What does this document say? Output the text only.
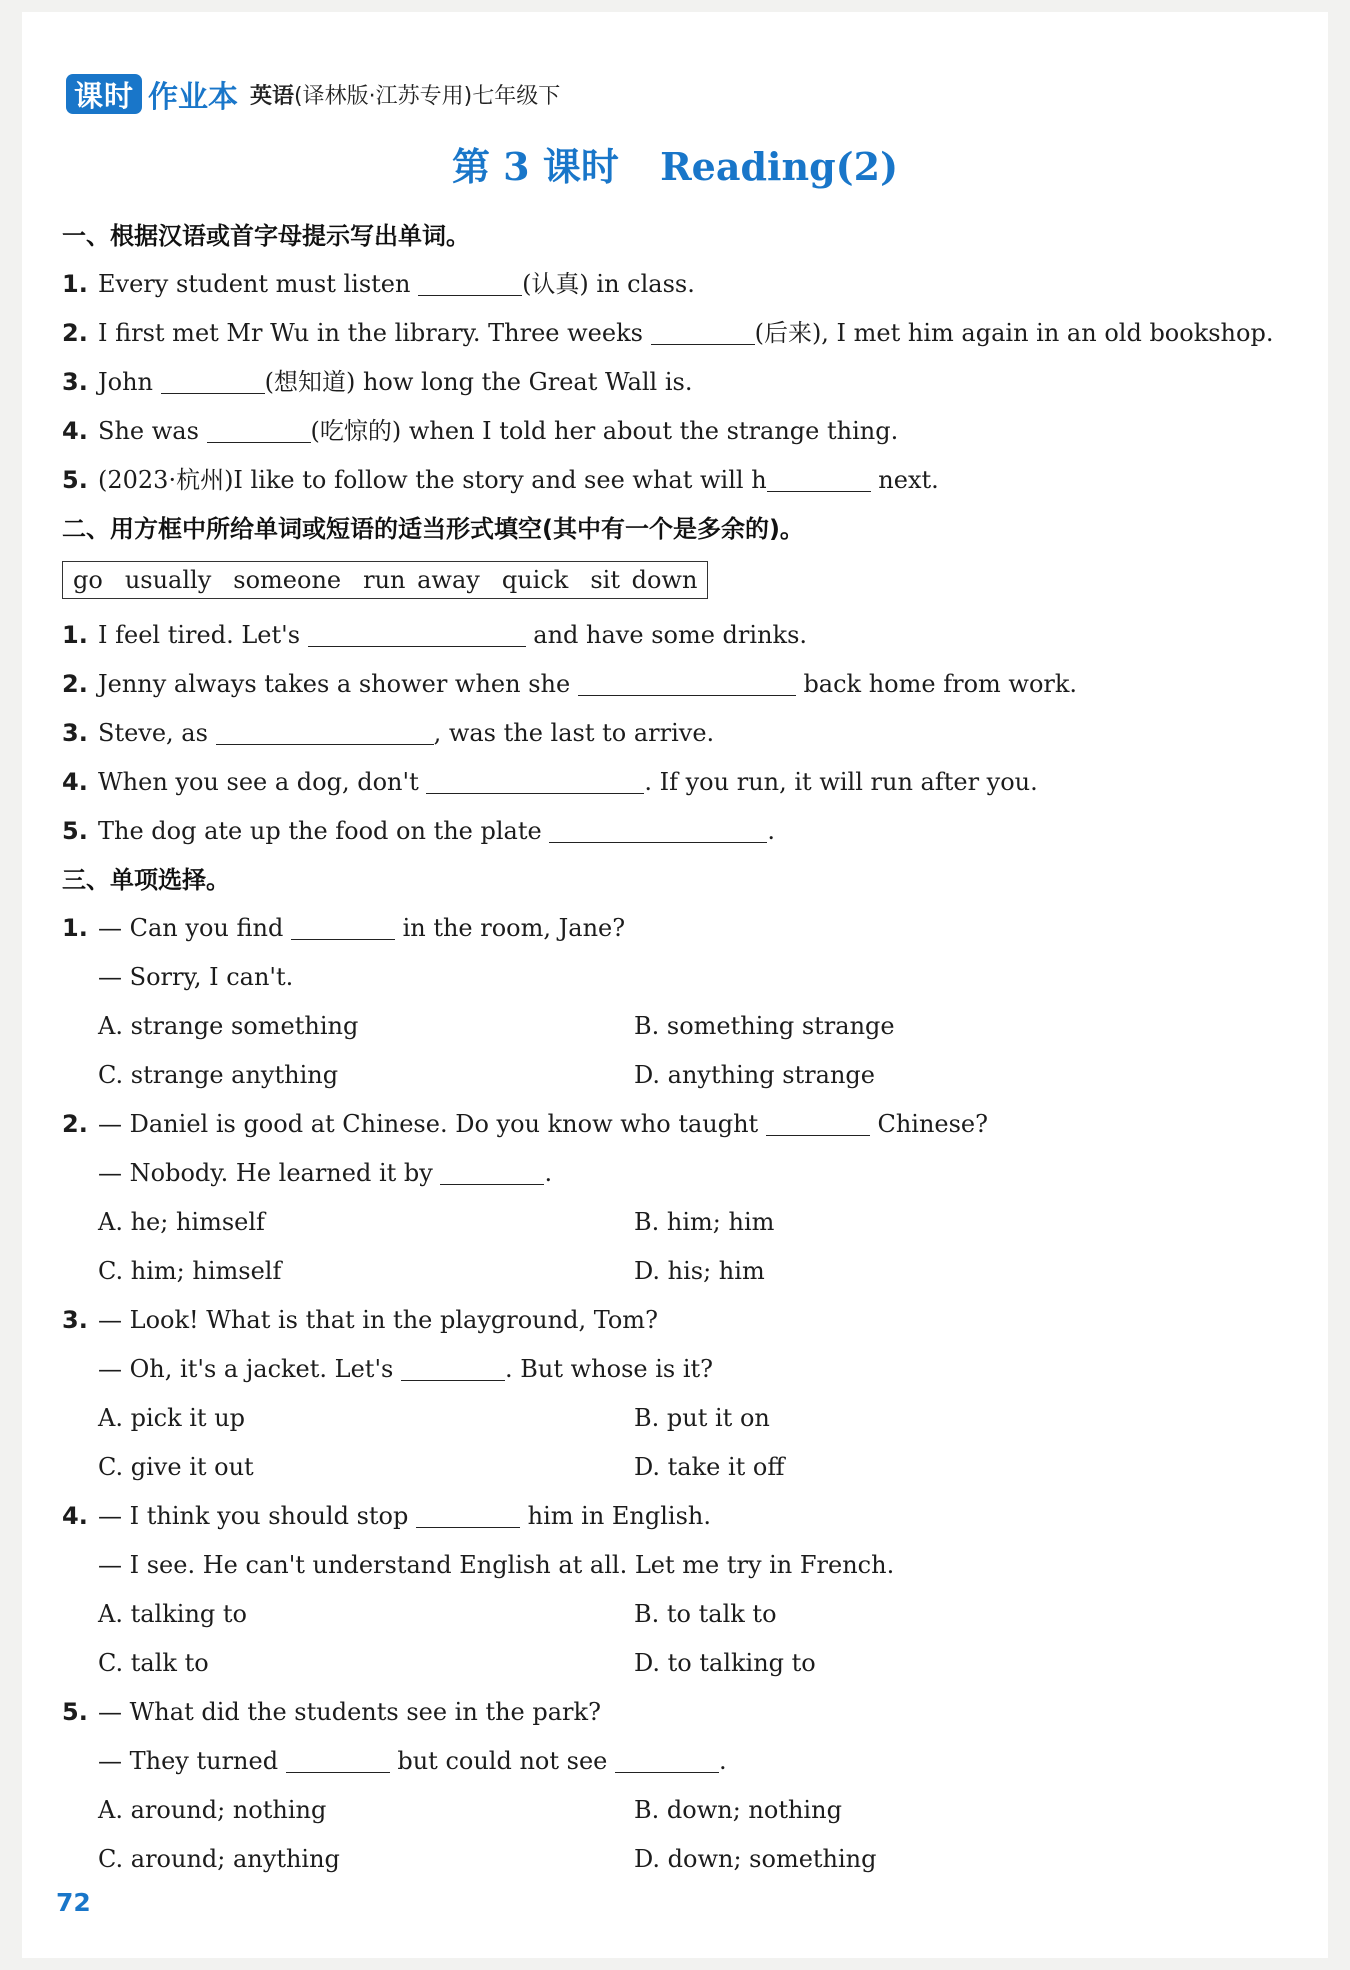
课时 作业本 英语(译林版·江苏专用)七年级下
第 3 课时 Reading(2)
一、根据汉语或首字母提示写出单词。
1. Every student must listen	(认真) in class.
2. I first met Mr Wu in the library. Three weeks	(后来), I met him again in an old bookshop.
3. John	(想知道) how long the Great Wall is.
4. She was	(吃惊的) when I told her about the strange thing.
5. (2023·杭州)I like to follow the story and see what will h	next.
二、用方框中所给单词或短语的适当形式填空(其中有一个是多余的)。
go usually someone run away quick sit down
1. I feel tired. Let's	and have some drinks.
2. Jenny always takes a shower when she	back home from work.
3. Steve, as	, was the last to arrive.
4. When you see a dog, don't	. If you run, it will run after you.
5. The dog ate up the food on the plate	.
三、单项选择。
1. — Can you find	in the room, Jane?
— Sorry, I can't.
A. strange something	B. something strange
C. strange anything	D. anything strange
2. — Daniel is good at Chinese. Do you know who taught	Chinese?
— Nobody. He learned it by	.
A. he; himself	B. him; him
C. him; himself	D. his; him
3. — Look! What is that in the playground, Tom?
— Oh, it's a jacket. Let's	. But whose is it?
A. pick it up	B. put it on
C. give it out	D. take it off
4. — I think you should stop	him in English.
— I see. He can't understand English at all. Let me try in French.
A. talking to	B. to talk to
C. talk to	D. to talking to
5. — What did the students see in the park?
— They turned	but could not see	.
A. around; nothing	B. down; nothing
C. around; anything	D. down; something
72
